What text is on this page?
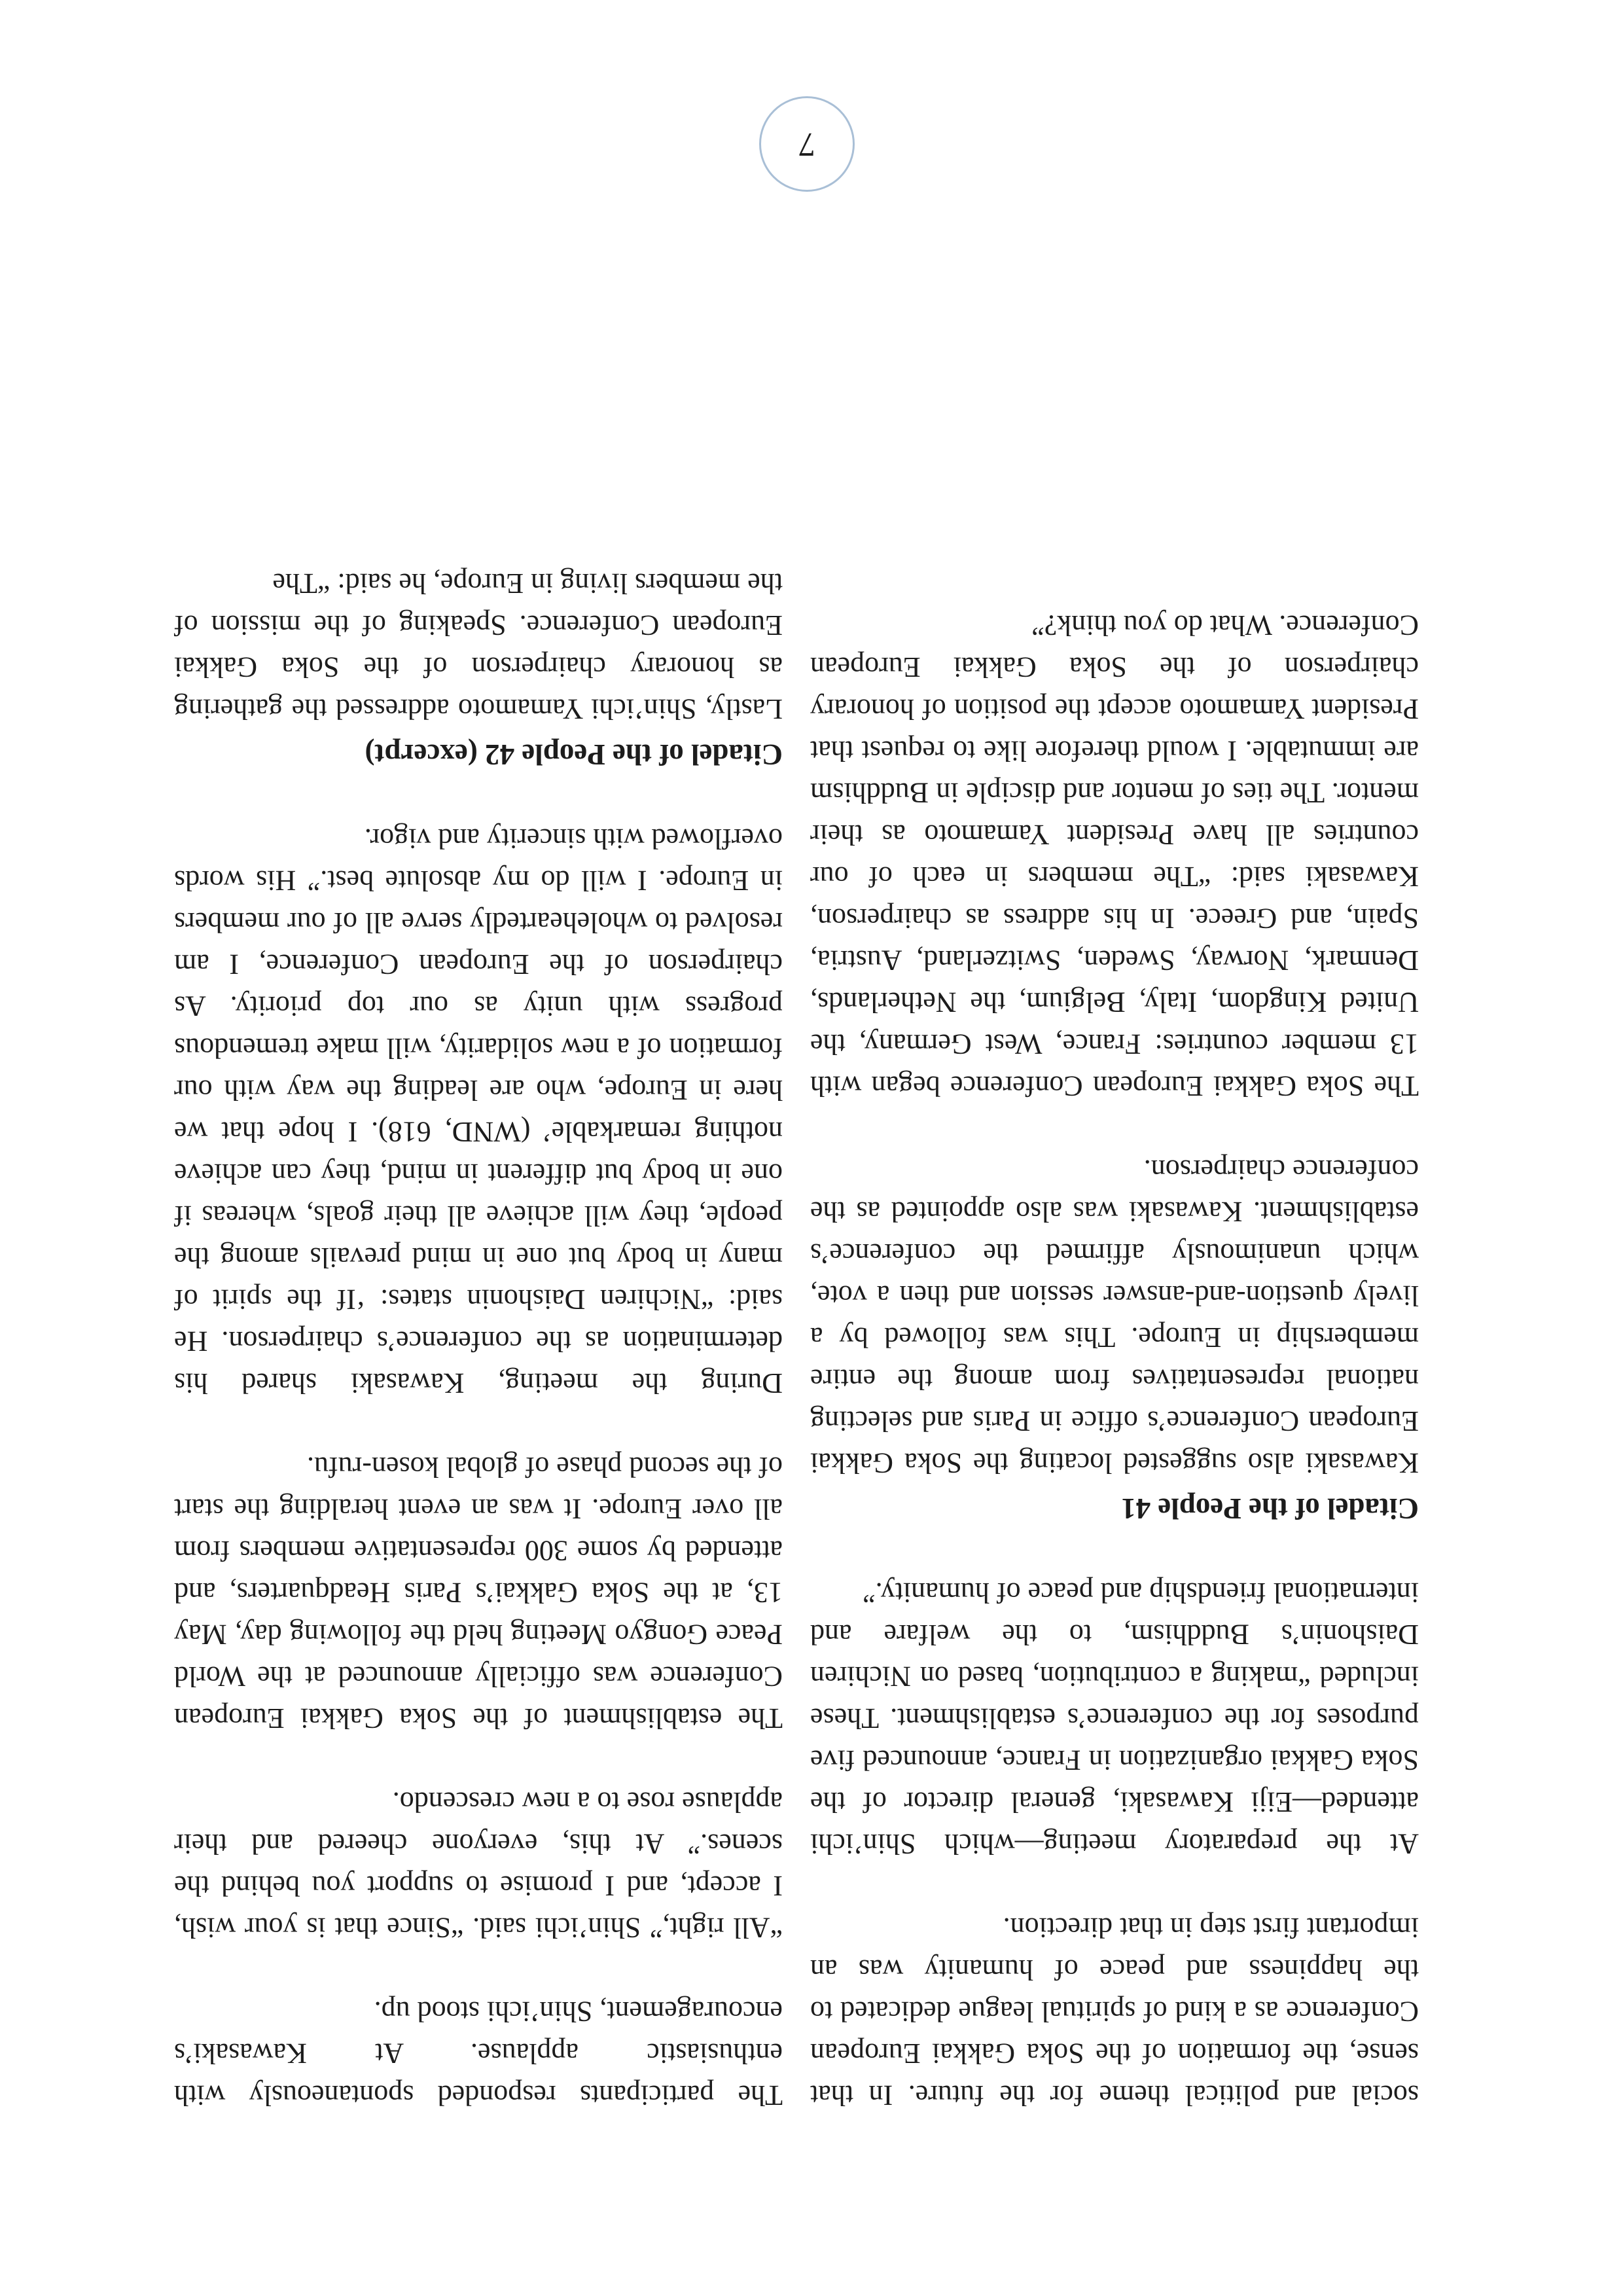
social and political theme for the future. In that sense, the formation of the Soka Gakkai European Conference as a kind of spiritual league dedicated to the happiness and peace of humanity was an important first step in that direction.

At the preparatory meeting—which Shin’ichi attended—Eiji Kawasaki, general director of the Soka Gakkai organization in France, announced five purposes for the conference’s establishment. These included “making a contribution, based on Nichiren Daishonin’s Buddhism, to the welfare and international friendship and peace of humanity.”

Citadel of the People 41

Kawasaki also suggested locating the Soka Gakkai European Conference’s office in Paris and selecting national representatives from among the entire membership in Europe. This was followed by a lively question-and-answer session and then a vote, which unanimously affirmed the conference’s establishment. Kawasaki was also appointed as the conference chairperson.

The Soka Gakkai European Conference began with 13 member countries: France, West Germany, the United Kingdom, Italy, Belgium, the Netherlands, Denmark, Norway, Sweden, Switzerland, Austria, Spain, and Greece. In his address as chairperson, Kawasaki said: “The members in each of our countries all have President Yamamoto as their mentor. The ties of mentor and disciple in Buddhism are immutable. I would therefore like to request that President Yamamoto accept the position of honorary chairperson of the Soka Gakkai European Conference. What do you think?”

The participants responded spontaneously with enthusiastic applause. At Kawasaki’s encouragement, Shin’ichi stood up.

“All right,” Shin’ichi said. “Since that is your wish, I accept, and I promise to support you behind the scenes.” At this, everyone cheered and their applause rose to a new crescendo.

The establishment of the Soka Gakkai European Conference was officially announced at the World Peace Gongyo Meeting held the following day, May 13, at the Soka Gakkai’s Paris Headquarters, and attended by some 300 representative members from all over Europe. It was an event heralding the start of the second phase of global kosen-rufu.

During the meeting, Kawasaki shared his determination as the conference’s chairperson. He said: “Nichiren Daishonin states: ‘If the spirit of many in body but one in mind prevails among the people, they will achieve all their goals, whereas if one in body but different in mind, they can achieve nothing remarkable’ (WND, 618). I hope that we here in Europe, who are leading the way with our formation of a new solidarity, will make tremendous progress with unity as our top priority. As chairperson of the European Conference, I am resolved to wholeheartedly serve all of our members in Europe. I will do my absolute best.” His words overflowed with sincerity and vigor.

Citadel of the People 42 (excerpt)

Lastly, Shin’ichi Yamamoto addressed the gathering as honorary chairperson of the Soka Gakkai European Conference. Speaking of the mission of the members living in Europe, he said: “The

7
